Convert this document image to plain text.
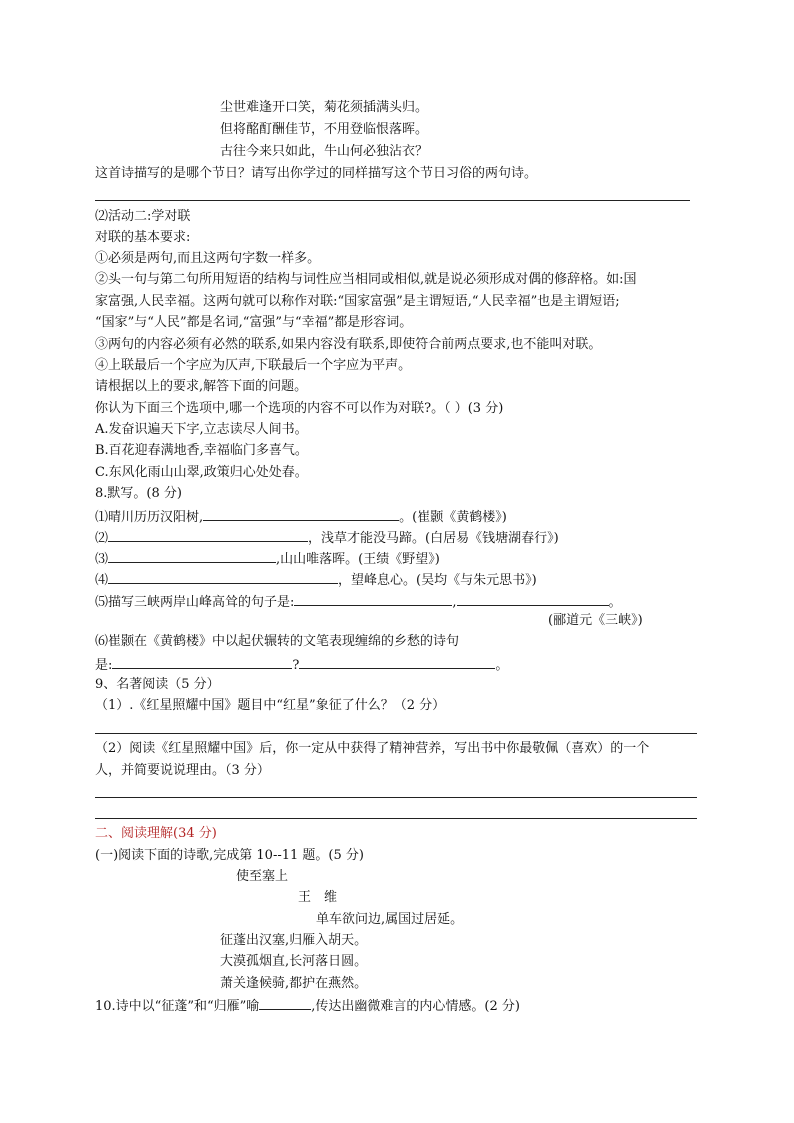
尘世难逢开口笑，菊花须插满头归。
但将酩酊酬佳节，不用登临恨落晖。
古往今来只如此，牛山何必独沾衣？
这首诗描写的是哪个节日？请写出你学过的同样描写这个节日习俗的两句诗。
⑵活动二:学对联
对联的基本要求:
①必须是两句,而且这两句字数一样多。
②头一句与第二句所用短语的结构与词性应当相同或相似,就是说必须形成对偶的修辞格。如:国
家富强,人民幸福。这两句就可以称作对联:“国家富强”是主谓短语,“人民幸福”也是主谓短语;
“国家”与“人民”都是名词,“富强”与“幸福”都是形容词。
③两句的内容必须有必然的联系,如果内容没有联系,即使符合前两点要求,也不能叫对联。
④上联最后一个字应为仄声,下联最后一个字应为平声。
请根据以上的要求,解答下面的问题。
你认为下面三个选项中,哪一个选项的内容不可以作为对联?。（ ）(3 分)
A.发奋识遍天下字,立志读尽人间书。
B.百花迎春满地香,幸福临门多喜气。
C.东风化雨山山翠,政策归心处处春。
8.默写。(8 分)
⑴晴川历历汉阳树,	。(崔颢《黄鹤楼》)
⑵	，浅草才能没马蹄。(白居易《钱塘湖春行》)
⑶	,山山唯落晖。(王绩《野望》)
⑷	，望峰息心。(吴均《与朱元思书》)
⑸描写三峡两岸山峰高耸的句子是:	,	。
(郦道元《三峡》)
⑹崔颢在《黄鹤楼》中以起伏辗转的文笔表现缠绵的乡愁的诗句
是:	?	。
9、名著阅读（5 分）
（1）.《红星照耀中国》题目中“红星”象征了什么？（2 分）
（2）阅读《红星照耀中国》后，你一定从中获得了精神营养，写出书中你最敬佩（喜欢）的一个
人，并简要说说理由。（3 分）
二、阅读理解(34 分)
(一)阅读下面的诗歌,完成第 10--11 题。(5 分)
使至塞上
王　维
单车欲问边,属国过居延。
征蓬出汉塞,归雁入胡天。
大漠孤烟直,长河落日圆。
萧关逢候骑,都护在燕然。
10.诗中以“征蓬”和“归雁”喻	,传达出幽微难言的内心情感。(2 分)
